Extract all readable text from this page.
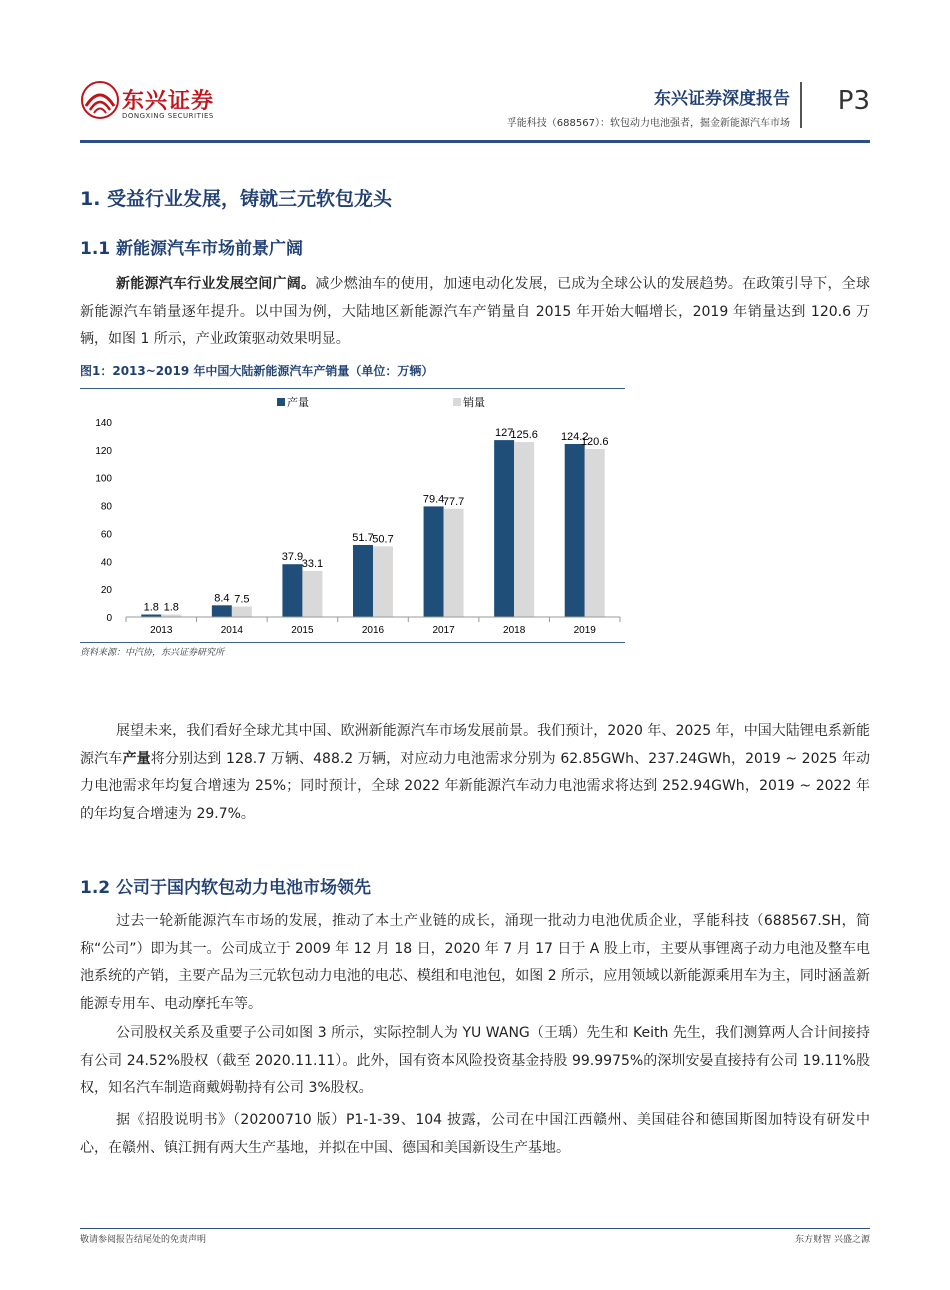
东兴证券
DONGXING SECURITIES
东兴证券深度报告
孚能科技（688567）：软包动力电池强者，掘金新能源汽车市场
P3
1. 受益行业发展，铸就三元软包龙头
1.1 新能源汽车市场前景广阔

新能源汽车行业发展空间广阔。减少燃油车的使用，加速电动化发展，已成为全球公认的发展趋势。在政策引导下，全球新能源汽车销量逐年提升。以中国为例，大陆地区新能源汽车产销量自 2015 年开始大幅增长，2019 年销量达到 120.6 万辆，如图 1 所示，产业政策驱动效果明显。

图1：2013~2019 年中国大陆新能源汽车产销量（单位：万辆）
产量	销量
0
20
40
60
80
100
120
140
1.8 1.8
8.4 7.5
37.9
33.1
51.7
50.7
79.4
77.7
127
125.6 124.2
120.6
2013	2014	2015	2016	2017	2018	2019
资料来源：中汽协，东兴证券研究所

展望未来，我们看好全球尤其中国、欧洲新能源汽车市场发展前景。我们预计，2020 年、2025 年，中国大陆锂电系新能源汽车产量将分别达到 128.7 万辆、488.2 万辆，对应动力电池需求分别为 62.85GWh、237.24GWh，2019 ~ 2025 年动力电池需求年均复合增速为 25%；同时预计，全球 2022 年新能源汽车动力电池需求将达到 252.94GWh，2019 ~ 2022 年的年均复合增速为 29.7%。

1.2 公司于国内软包动力电池市场领先

过去一轮新能源汽车市场的发展，推动了本土产业链的成长，涌现一批动力电池优质企业，孚能科技（688567.SH，简称“公司”）即为其一。公司成立于 2009 年 12 月 18 日，2020 年 7 月 17 日于 A 股上市，主要从事锂离子动力电池及整车电池系统的产销，主要产品为三元软包动力电池的电芯、模组和电池包，如图 2 所示，应用领域以新能源乘用车为主，同时涵盖新能源专用车、电动摩托车等。

公司股权关系及重要子公司如图 3 所示，实际控制人为 YU WANG（王瑀）先生和 Keith 先生，我们测算两人合计间接持有公司 24.52%股权（截至 2020.11.11）。此外，国有资本风险投资基金持股 99.9975%的深圳安晏直接持有公司 19.11%股权，知名汽车制造商戴姆勒持有公司 3%股权。

据《招股说明书》（20200710 版）P1-1-39、104 披露，公司在中国江西赣州、美国硅谷和德国斯图加特设有研发中心，在赣州、镇江拥有两大生产基地，并拟在中国、德国和美国新设生产基地。

敬请参阅报告结尾处的免责声明	东方财智 兴盛之源
